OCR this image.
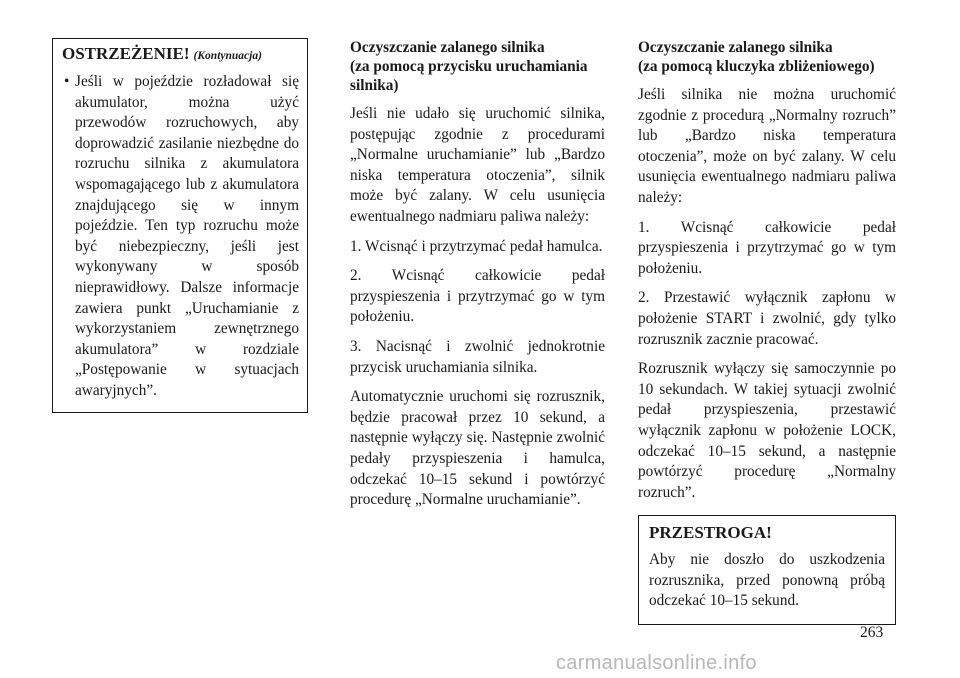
OSTRZEŻENIE! (Kontynuacja)
• Jeśli w pojeździe rozładował się akumulator, można użyć przewodów rozruchowych, aby doprowadzić zasilanie niezbędne do rozruchu silnika z akumulatora wspomagającego lub z akumulatora znajdującego się w innym pojeździe. Ten typ rozruchu może być niebezpieczny, jeśli jest wykonywany w sposób nieprawidłowy. Dalsze informacje zawiera punkt „Uruchamianie z wykorzystaniem zewnętrznego akumulatora” w rozdziale „Postępowanie w sytuacjach awaryjnych”.
Oczyszczanie zalanego silnika
(za pomocą przycisku uruchamiania silnika)

Jeśli nie udało się uruchomić silnika, postępując zgodnie z procedurami „Normalne uruchamianie” lub „Bardzo niska temperatura otoczenia”, silnik może być zalany. W celu usunięcia ewentualnego nadmiaru paliwa należy:

1. Wcisnąć i przytrzymać pedał hamulca.

2. Wcisnąć całkowicie pedał przyspieszenia i przytrzymać go w tym położeniu.

3. Nacisnąć i zwolnić jednokrotnie przycisk uruchamiania silnika.

Automatycznie uruchomi się rozrusznik, będzie pracował przez 10 sekund, a następnie wyłączy się. Następnie zwolnić pedały przyspieszenia i hamulca, odczekać 10–15 sekund i powtórzyć procedurę „Normalne uruchamianie”.

Oczyszczanie zalanego silnika
(za pomocą kluczyka zbliżeniowego)

Jeśli silnika nie można uruchomić zgodnie z procedurą „Normalny rozruch” lub „Bardzo niska temperatura otoczenia”, może on być zalany. W celu usunięcia ewentualnego nadmiaru paliwa należy:

1. Wcisnąć całkowicie pedał przyspieszenia i przytrzymać go w tym położeniu.

2. Przestawić wyłącznik zapłonu w położenie START i zwolnić, gdy tylko rozrusznik zacznie pracować.

Rozrusznik wyłączy się samoczynnie po 10 sekundach. W takiej sytuacji zwolnić pedał przyspieszenia, przestawić wyłącznik zapłonu w położenie LOCK, odczekać 10–15 sekund, a następnie powtórzyć procedurę „Normalny rozruch”.

PRZESTROGA!

Aby nie doszło do uszkodzenia rozrusznika, przed ponowną próbą odczekać 10–15 sekund.

263
carmanualsonline.info
